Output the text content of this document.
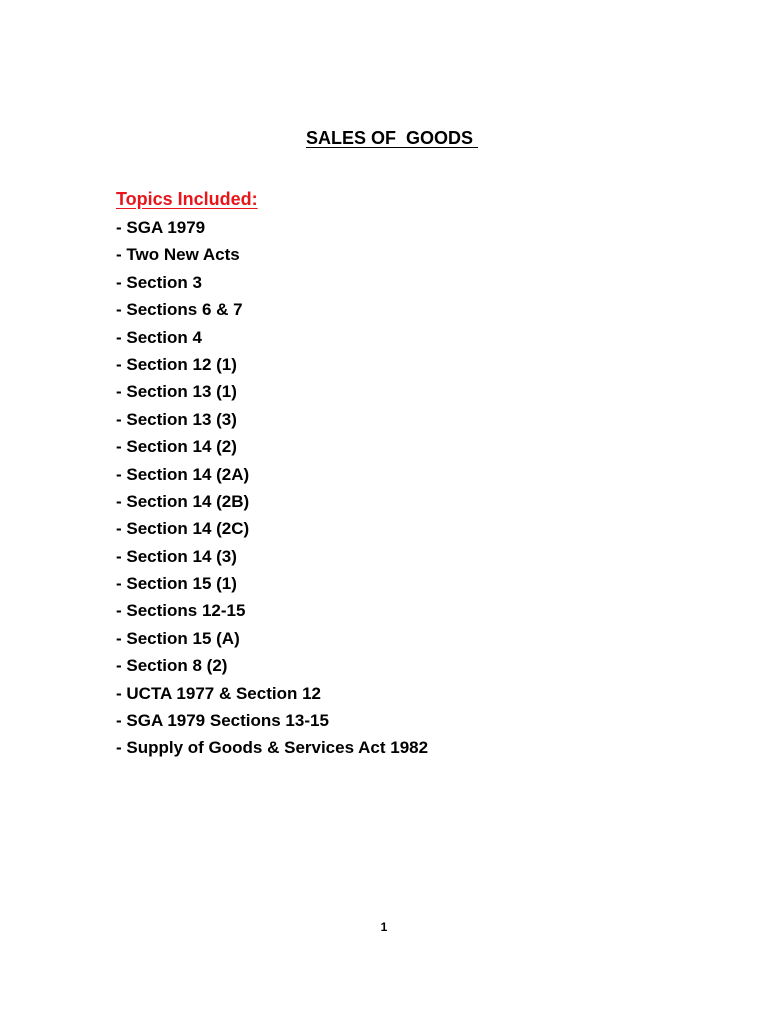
SALES OF  GOODS
Topics Included:
- SGA 1979
- Two New Acts
- Section 3
- Sections 6 & 7
- Section 4
- Section 12 (1)
- Section 13 (1)
- Section 13 (3)
- Section 14 (2)
- Section 14 (2A)
- Section 14 (2B)
- Section 14 (2C)
- Section 14 (3)
- Section 15 (1)
- Sections 12-15
- Section 15 (A)
- Section 8 (2)
- UCTA 1977 & Section 12
- SGA 1979 Sections 13-15
- Supply of Goods & Services Act 1982
1
